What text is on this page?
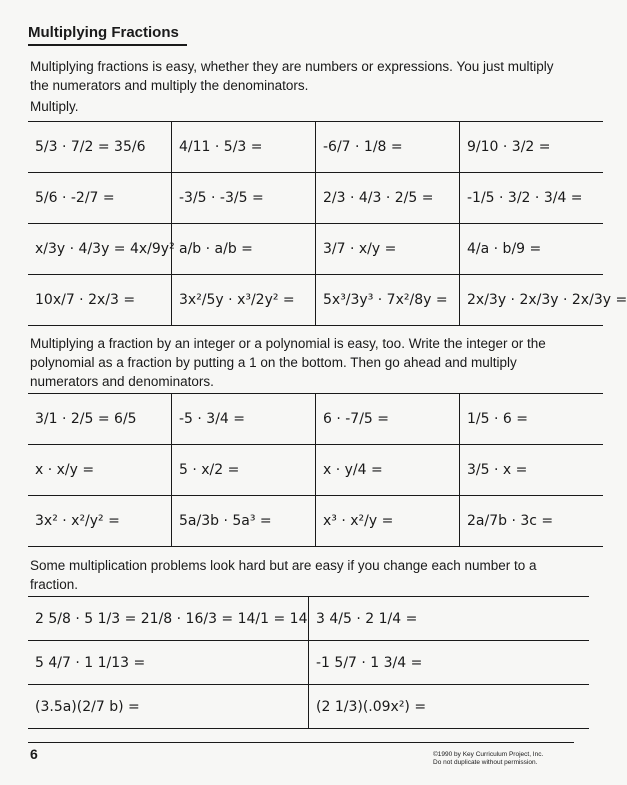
Multiplying Fractions
Multiplying fractions is easy, whether they are numbers or expressions. You just multiply the numerators and multiply the denominators.
Multiply.
5/3 · 7/2 = 35/6	4/11 · 5/3 =	-6/7 · 1/8 =	9/10 · 3/2 =
5/6 · -2/7 =	-3/5 · -3/5 =	2/3 · 4/3 · 2/5 =	-1/5 · 3/2 · 3/4 =
x/3y · 4/3y = 4x/9y²	a/b · a/b =	3/7 · x/y =	4/a · b/9 =
10x/7 · 2x/3 =	3x²/5y · x³/2y² =	5x³/3y³ · 7x²/8y =	2x/3y · 2x/3y · 2x/3y =
Multiplying a fraction by an integer or a polynomial is easy, too. Write the integer or the polynomial as a fraction by putting a 1 on the bottom. Then go ahead and multiply numerators and denominators.
3/1 · 2/5 = 6/5	-5 · 3/4 =	6 · -7/5 =	1/5 · 6 =
x · x/y =	5 · x/2 =	x · y/4 =	3/5 · x =
3x² · x²/y² =	5a/3b · 5a³ =	x³ · x²/y =	2a/7b · 3c =
Some multiplication problems look hard but are easy if you change each number to a fraction.
2 5/8 · 5 1/3 = 21/8 · 16/3 = 14/1 = 14	3 4/5 · 2 1/4 =
5 4/7 · 1 1/13 =	-1 5/7 · 1 3/4 =
(3.5a)(2/7 b) =	(2 1/3)(.09x²) =
6	©1990 by Key Curriculum Project, Inc.
Do not duplicate without permission.
